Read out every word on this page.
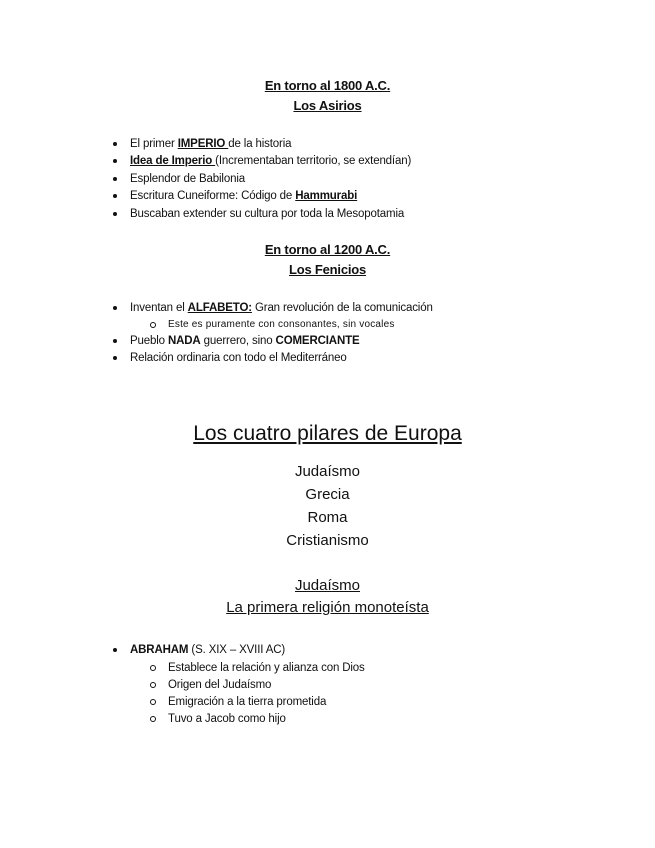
En torno al 1800 A.C.
Los Asirios
El primer IMPERIO de la historia
Idea de Imperio (Incrementaban territorio, se extendían)
Esplendor de Babilonia
Escritura Cuneiforme: Código de Hammurabi
Buscaban extender su cultura por toda la Mesopotamia
En torno al 1200 A.C.
Los Fenicios
Inventan el ALFABETO: Gran revolución de la comunicación
Este es puramente con consonantes, sin vocales
Pueblo NADA guerrero, sino COMERCIANTE
Relación ordinaria con todo el Mediterráneo
Los cuatro pilares de Europa
Judaísmo
Grecia
Roma
Cristianismo
Judaísmo
La primera religión monoteísta
ABRAHAM (S. XIX – XVIII AC)
Establece la relación y alianza con Dios
Origen del Judaísmo
Emigración a la tierra prometida
Tuvo a Jacob como hijo
